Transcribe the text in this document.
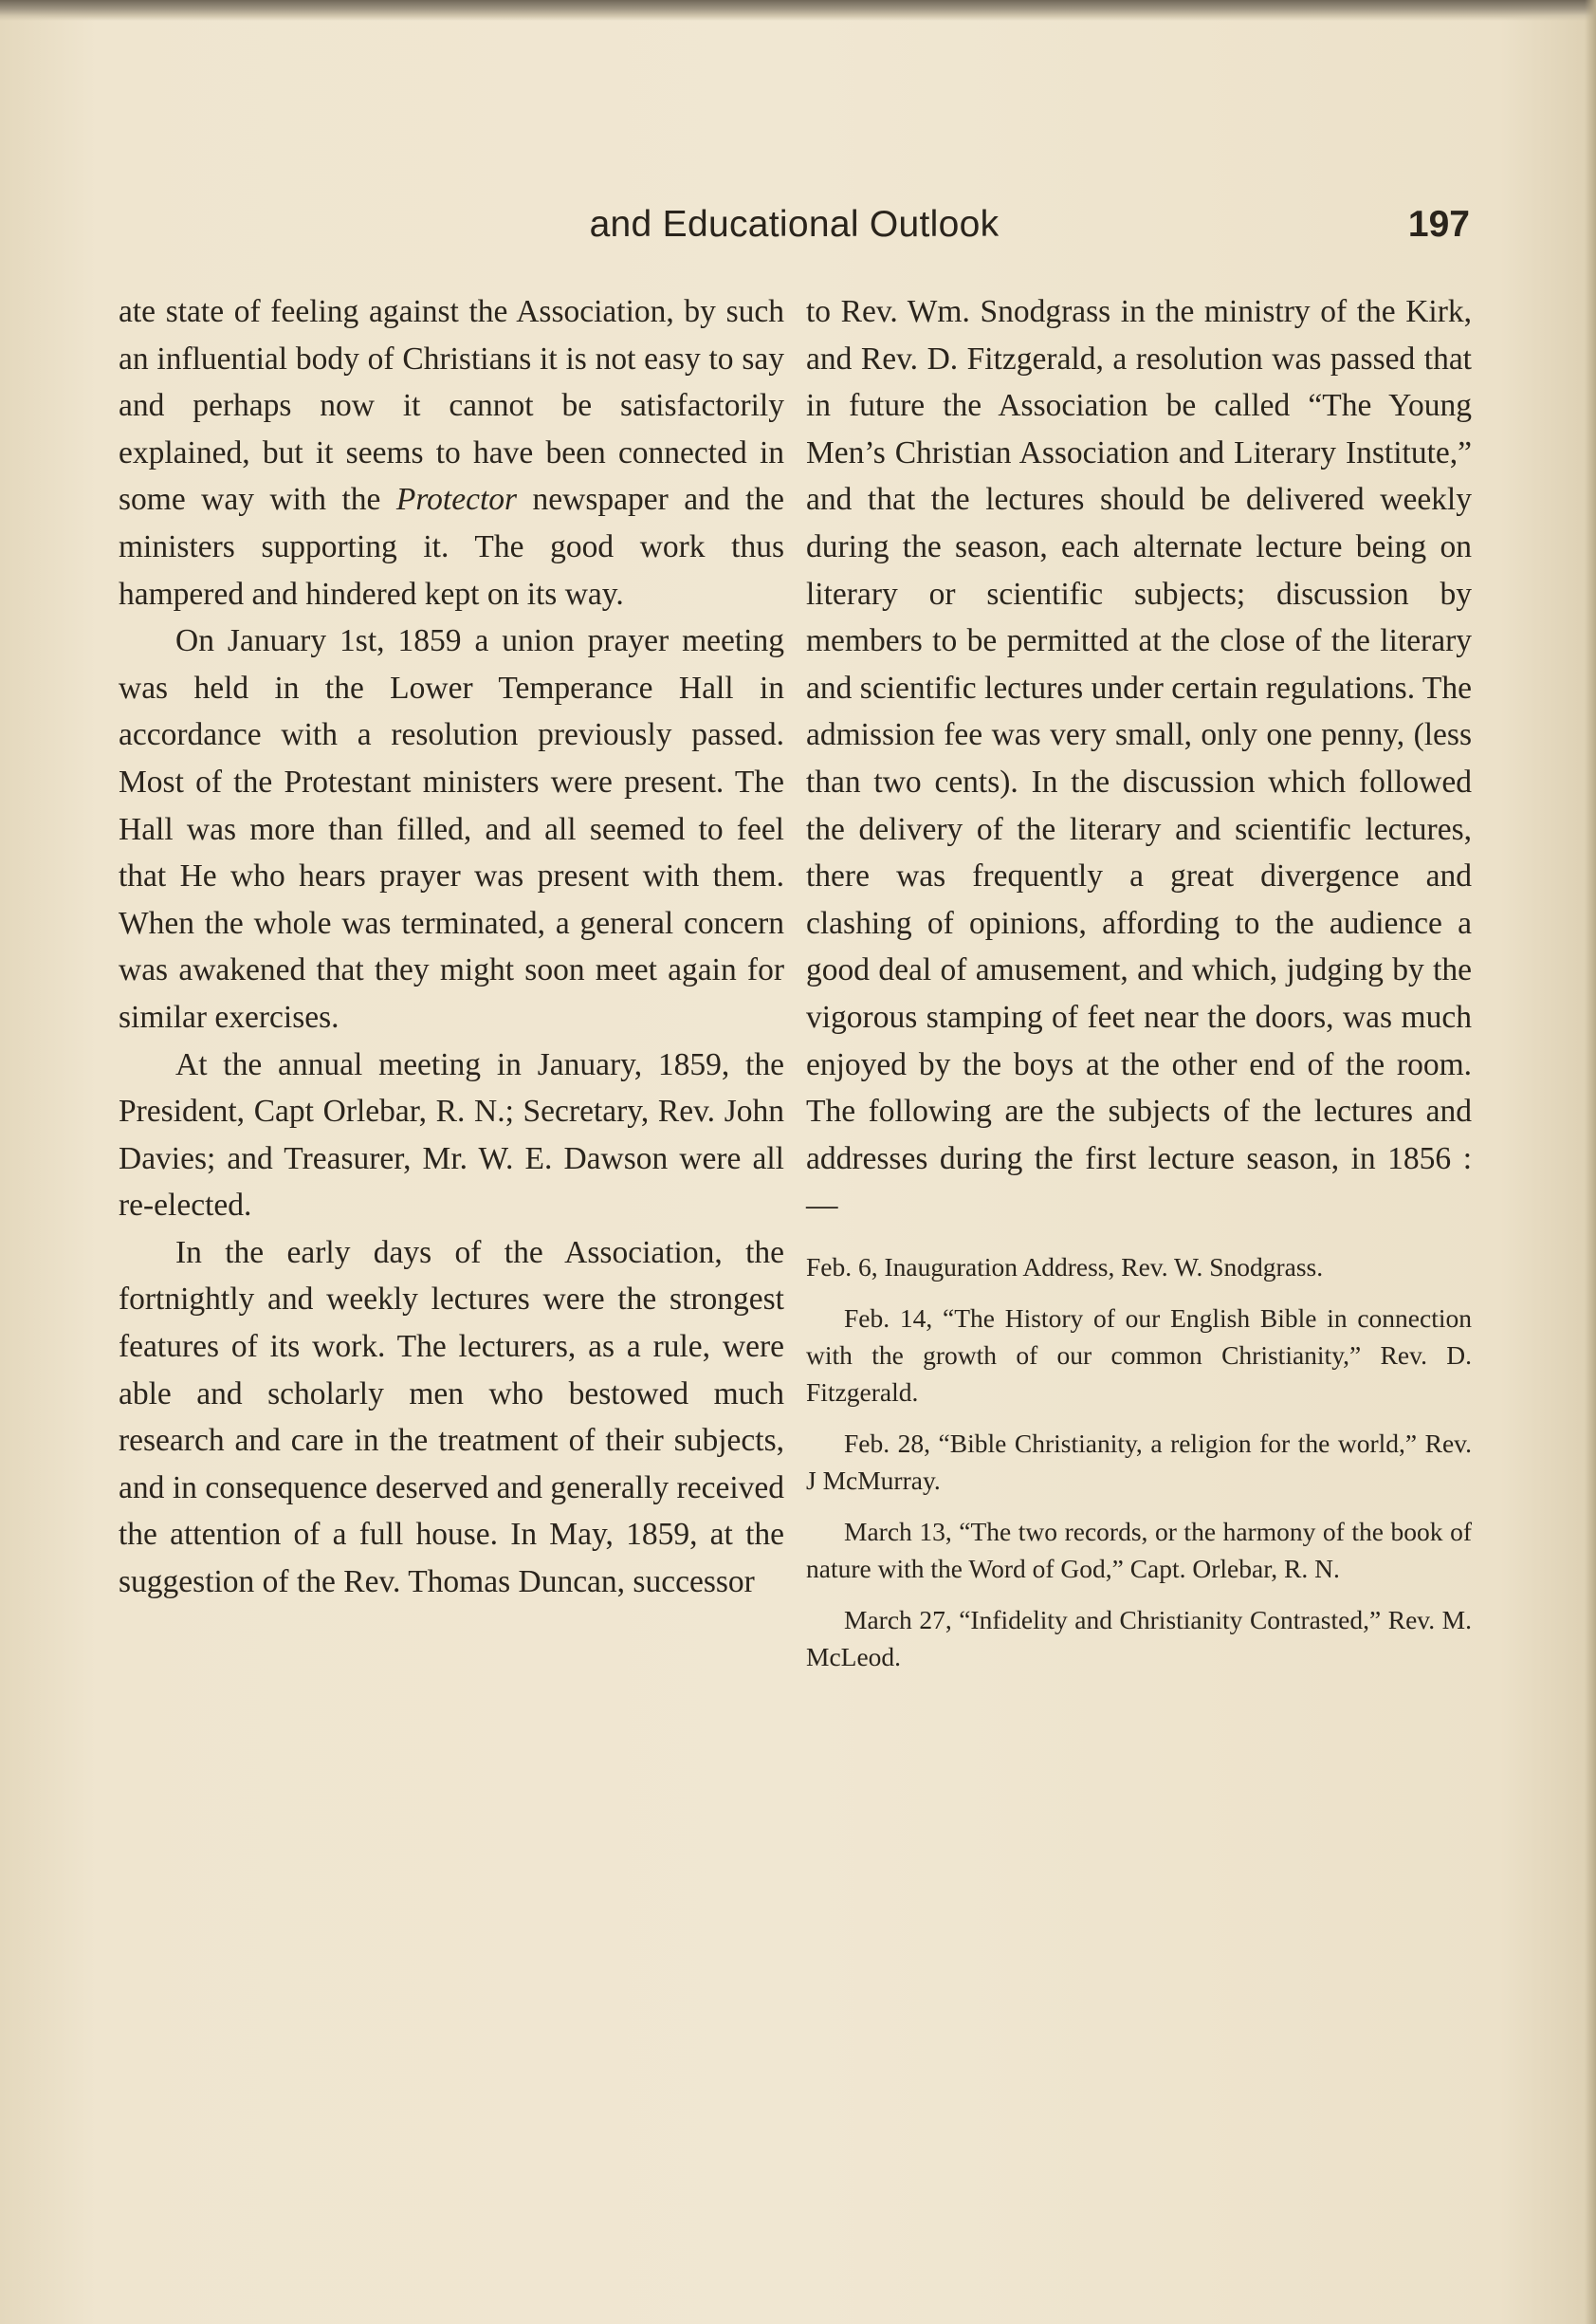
and Educational Outlook	197

ate state of feeling against the Association, by such an influential body of Christians it is not easy to say and perhaps now it cannot be satisfactorily explained, but it seems to have been connected in some way with the Protector newspaper and the ministers supporting it. The good work thus hampered and hindered kept on its way.

On January 1st, 1859 a union prayer meeting was held in the Lower Temperance Hall in accordance with a resolution previously passed. Most of the Protestant ministers were present. The Hall was more than filled, and all seemed to feel that He who hears prayer was present with them. When the whole was terminated, a general concern was awakened that they might soon meet again for similar exercises.

At the annual meeting in January, 1859, the President, Capt Orlebar, R. N.; Secretary, Rev. John Davies; and Treasurer, Mr. W. E. Dawson were all re-elected.

In the early days of the Association, the fortnightly and weekly lectures were the strongest features of its work. The lecturers, as a rule, were able and scholarly men who bestowed much research and care in the treatment of their subjects, and in consequence deserved and generally received the attention of a full house. In May, 1859, at the suggestion of the Rev. Thomas Duncan, successor

to Rev. Wm. Snodgrass in the ministry of the Kirk, and Rev. D. Fitzgerald, a resolution was passed that in future the Association be called “The Young Men’s Christian Association and Literary Institute,” and that the lectures should be delivered weekly during the season, each alternate lecture being on literary or scientific subjects; discussion by members to be permitted at the close of the literary and scientific lectures under certain regulations. The admission fee was very small, only one penny, (less than two cents). In the discussion which followed the delivery of the literary and scientific lectures, there was frequently a great divergence and clashing of opinions, affording to the audience a good deal of amusement, and which, judging by the vigorous stamping of feet near the doors, was much enjoyed by the boys at the other end of the room. The following are the subjects of the lectures and addresses during the first lecture season, in 1856 :—

Feb. 6, Inauguration Address, Rev. W. Snodgrass.

Feb. 14, “The History of our English Bible in connection with the growth of our common Christianity,” Rev. D. Fitzgerald.

Feb. 28, “Bible Christianity, a religion for the world,” Rev. J McMurray.

March 13, “The two records, or the harmony of the book of nature with the Word of God,” Capt. Orlebar, R. N.

March 27, “Infidelity and Christianity Contrasted,” Rev. M. McLeod.
